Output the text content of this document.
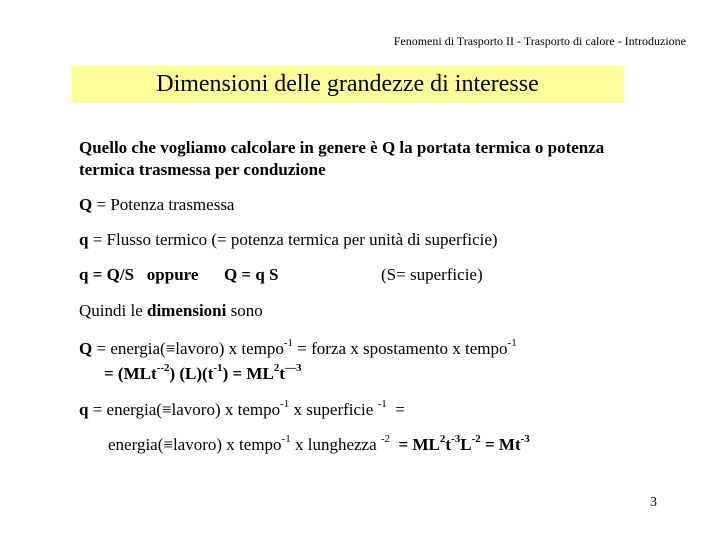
Fenomeni di Trasporto II - Trasporto di calore - Introduzione
Dimensioni delle grandezze di interesse
Quello che vogliamo calcolare in genere è Q la portata termica o potenza
termica trasmessa per conduzione
Q = Potenza trasmessa
q = Flusso termico (= potenza termica per unità di superficie)
q = Q/S   oppure      Q = q S	(S= superficie)
Quindi le dimensioni sono
Q = energia(≡lavoro) x tempo$^{-1}$ = forza x spostamento x tempo$^{-1}$
= (MLt$^{--2}$) $(L)(t^{-1}) = ML^2t^{—3}$
q = energia(≡lavoro) x tempo$^{-1}$ x superficie $^{-1}$  =
energia(≡lavoro) x tempo$^{-1}$ x lunghezza $^{-2} = ML^2t^{-3}L^{-2} = Mt^{-3}$
3
